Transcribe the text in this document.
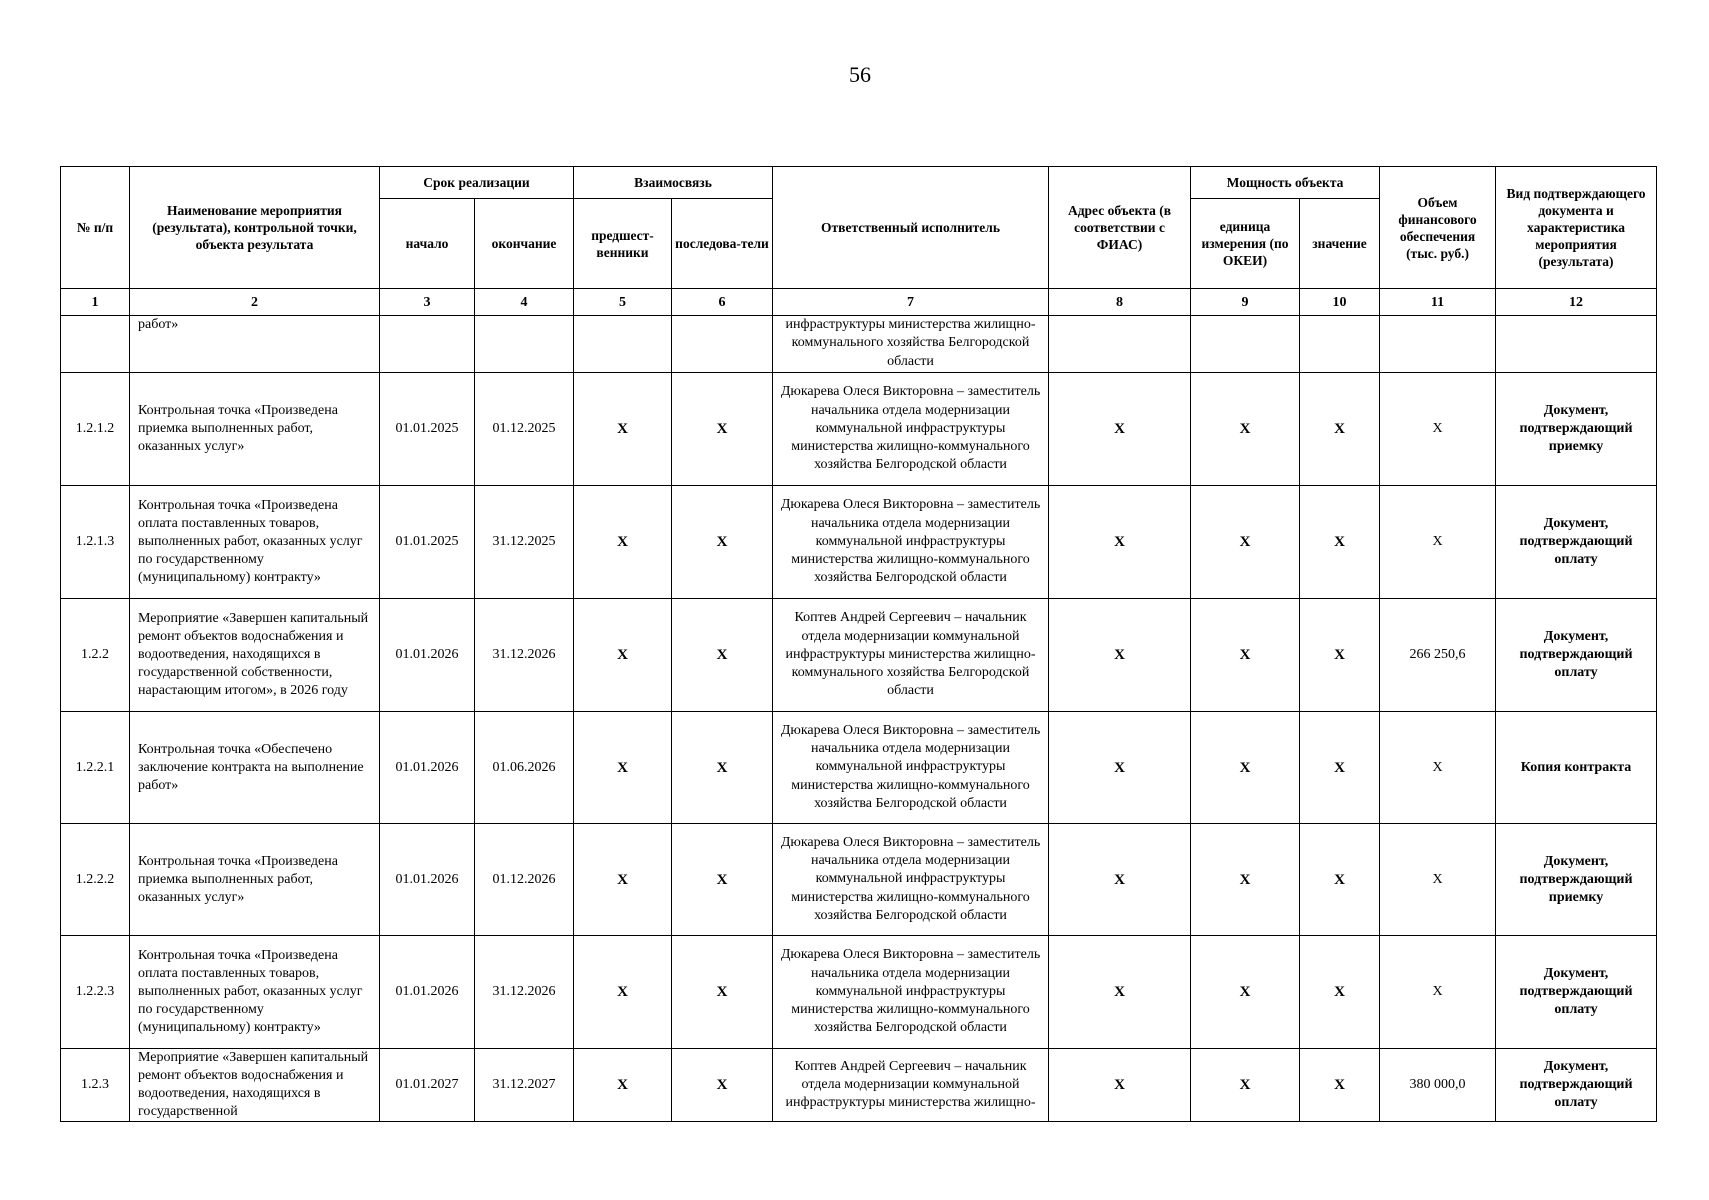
56
№ п/п	Наименование мероприятия (результата), контрольной точки, объекта результата	Срок реализации		Взаимосвязь		Ответственный исполнитель	Адрес объекта (в соответствии с ФИАС)	Мощность объекта		Объем финансового обеспечения (тыс. руб.)	Вид подтверждающего документа и характеристика мероприятия (результата)
		начало	окончание	предшест-венники	последова-тели			единица измерения (по ОКЕИ)	значение		
1	2	3	4	5	6	7	8	9	10	11	12
	работ»					инфраструктуры министерства жилищно-коммунального хозяйства Белгородской области					
1.2.1.2	Контрольная точка «Произведена приемка выполненных работ, оказанных услуг»	01.01.2025	01.12.2025	Х	Х	Дюкарева Олеся Викторовна – заместитель начальника отдела модернизации коммунальной инфраструктуры министерства жилищно-коммунального хозяйства Белгородской области	Х	Х	Х	Х	Документ, подтверждающий приемку
1.2.1.3	Контрольная точка «Произведена оплата поставленных товаров, выполненных работ, оказанных услуг по государственному (муниципальному) контракту»	01.01.2025	31.12.2025	Х	Х	Дюкарева Олеся Викторовна – заместитель начальника отдела модернизации коммунальной инфраструктуры министерства жилищно-коммунального хозяйства Белгородской области	Х	Х	Х	Х	Документ, подтверждающий оплату
1.2.2	Мероприятие «Завершен капитальный ремонт объектов водоснабжения и водоотведения, находящихся в государственной собственности, нарастающим итогом», в 2026 году	01.01.2026	31.12.2026	Х	Х	Коптев Андрей Сергеевич – начальник отдела модернизации коммунальной инфраструктуры министерства жилищно-коммунального хозяйства Белгородской области	Х	Х	Х	266 250,6	Документ, подтверждающий оплату
1.2.2.1	Контрольная точка «Обеспечено заключение контракта на выполнение работ»	01.01.2026	01.06.2026	Х	Х	Дюкарева Олеся Викторовна – заместитель начальника отдела модернизации коммунальной инфраструктуры министерства жилищно-коммунального хозяйства Белгородской области	Х	Х	Х	Х	Копия контракта
1.2.2.2	Контрольная точка «Произведена приемка выполненных работ, оказанных услуг»	01.01.2026	01.12.2026	Х	Х	Дюкарева Олеся Викторовна – заместитель начальника отдела модернизации коммунальной инфраструктуры министерства жилищно-коммунального хозяйства Белгородской области	Х	Х	Х	Х	Документ, подтверждающий приемку
1.2.2.3	Контрольная точка «Произведена оплата поставленных товаров, выполненных работ, оказанных услуг по государственному (муниципальному) контракту»	01.01.2026	31.12.2026	Х	Х	Дюкарева Олеся Викторовна – заместитель начальника отдела модернизации коммунальной инфраструктуры министерства жилищно-коммунального хозяйства Белгородской области	Х	Х	Х	Х	Документ, подтверждающий оплату
1.2.3	Мероприятие «Завершен капитальный ремонт объектов водоснабжения и водоотведения, находящихся в государственной	01.01.2027	31.12.2027	Х	Х	Коптев Андрей Сергеевич – начальник отдела модернизации коммунальной инфраструктуры министерства жилищно-	Х	Х	Х	380 000,0	Документ, подтверждающий оплату
